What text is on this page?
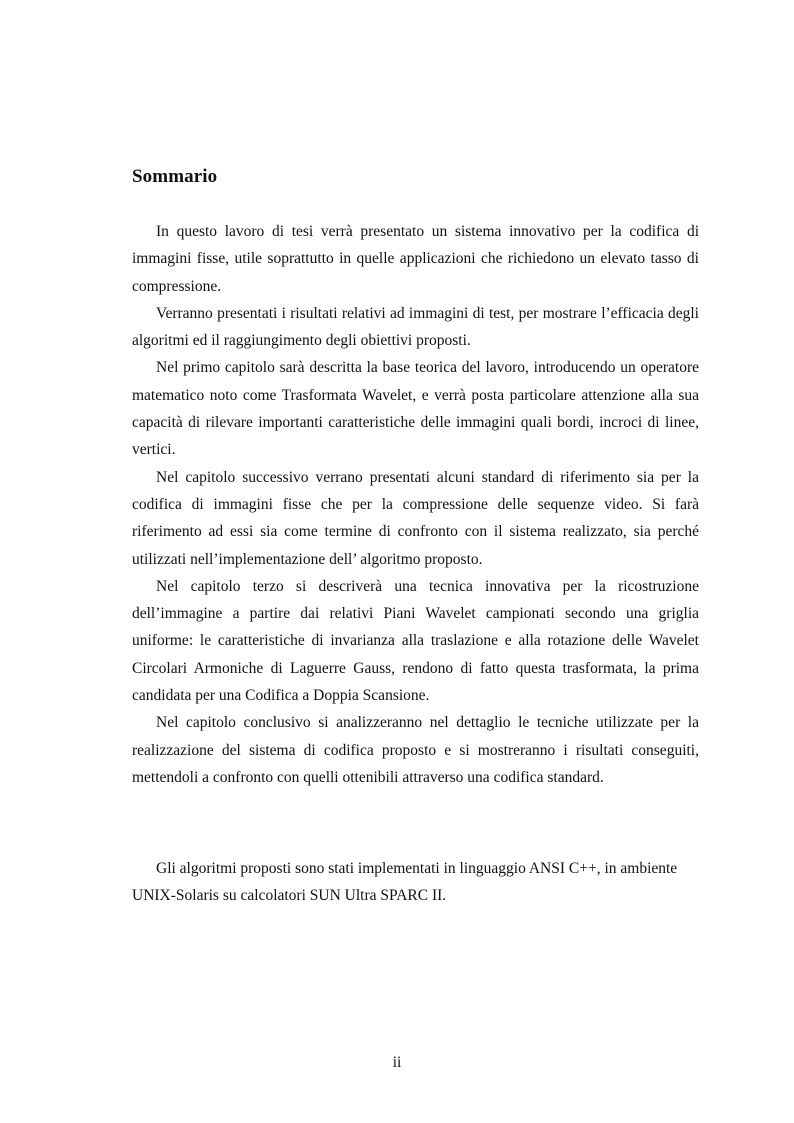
Sommario

In questo lavoro di tesi verrà presentato un sistema innovativo per la codifica di immagini fisse, utile soprattutto in quelle applicazioni che richiedono un elevato tasso di compressione.

Verranno presentati i risultati relativi ad immagini di test, per mostrare l’efficacia degli algoritmi ed il raggiungimento degli obiettivi proposti.

Nel primo capitolo sarà descritta la base teorica del lavoro, introducendo un operatore matematico noto come Trasformata Wavelet, e verrà posta particolare attenzione alla sua capacità di rilevare importanti caratteristiche delle immagini quali bordi, incroci di linee, vertici.

Nel capitolo successivo verrano presentati alcuni standard di riferimento sia per la codifica di immagini fisse che per la compressione delle sequenze video. Si farà riferimento ad essi sia come termine di confronto con il sistema realizzato, sia perché utilizzati nell’implementazione dell’ algoritmo proposto.

Nel capitolo terzo si descriverà una tecnica innovativa per la ricostruzione dell’immagine a partire dai relativi Piani Wavelet campionati secondo una griglia uniforme: le caratteristiche di invarianza alla traslazione e alla rotazione delle Wavelet Circolari Armoniche di Laguerre Gauss, rendono di fatto questa trasformata, la prima candidata per una Codifica a Doppia Scansione.

Nel capitolo conclusivo si analizzeranno nel dettaglio le tecniche utilizzate per la realizzazione del sistema di codifica proposto e si mostreranno i risultati conseguiti, mettendoli a confronto con quelli ottenibili attraverso una codifica standard.

Gli algoritmi proposti sono stati implementati in linguaggio ANSI C++, in ambiente UNIX-Solaris su calcolatori SUN Ultra SPARC II.

ii
